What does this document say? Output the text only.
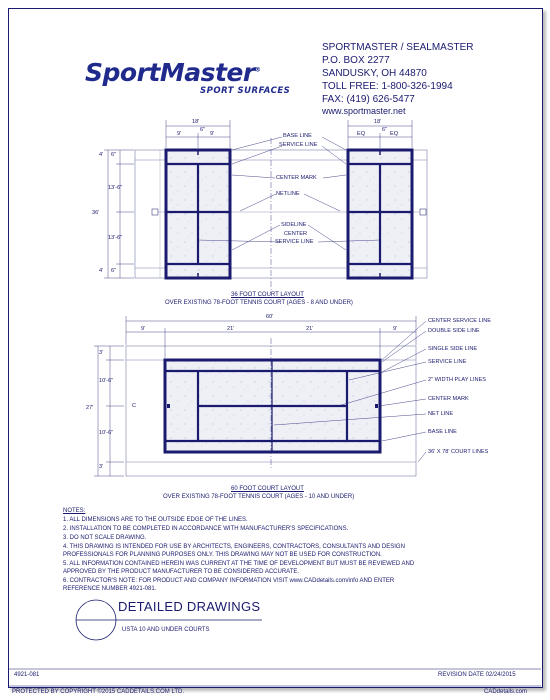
SportMaster®
SPORT SURFACES
SPORTMASTER / SEALMASTER
P.O. BOX 2277
SANDUSKY, OH 44870
TOLL FREE: 1-800-326-1994
FAX: (419) 626-5477
www.sportmaster.net
18'
9'	9'
6"
18'
EQ	EQ
6"
4' 6"
13'-6"
36'
13'-6"
4' 6"
BASE LINE
SERVICE LINE
CENTER MARK
NETLINE
SIDELINE
CENTER
SERVICE LINE
36 FOOT COURT LAYOUT
OVER EXISTING 78-FOOT TENNIS COURT (AGES - 8 AND UNDER)
60'
9'	21'	21'	9'
3'
27'
10'-6"
10'-6"
3'
C
CENTER SERVICE LINE
DOUBLE SIDE LINE
SINGLE SIDE LINE
SERVICE LINE
2" WIDTH PLAY LINES
CENTER MARK
NET LINE
BASE LINE
36' X 78' COURT LINES
60 FOOT COURT LAYOUT
OVER EXISTING 78-FOOT TENNIS COURT (AGES - 10 AND UNDER)
NOTES:
1. ALL DIMENSIONS ARE TO THE OUTSIDE EDGE OF THE LINES.
2. INSTALLATION TO BE COMPLETED IN ACCORDANCE WITH MANUFACTURER'S SPECIFICATIONS.
3. DO NOT SCALE DRAWING.
4. THIS DRAWING IS INTENDED FOR USE BY ARCHITECTS, ENGINEERS, CONTRACTORS, CONSULTANTS AND DESIGN
PROFESSIONALS FOR PLANNING PURPOSES ONLY. THIS DRAWING MAY NOT BE USED FOR CONSTRUCTION.
5. ALL INFORMATION CONTAINED HEREIN WAS CURRENT AT THE TIME OF DEVELOPMENT BUT MUST BE REVIEWED AND
APPROVED BY THE PRODUCT MANUFACTURER TO BE CONSIDERED ACCURATE.
6. CONTRACTOR'S NOTE: FOR PRODUCT AND COMPANY INFORMATION VISIT www.CADdetails.com/info AND ENTER
REFERENCE NUMBER 4921-081.
DETAILED DRAWINGS
USTA 10 AND UNDER COURTS
4921-081	REVISION DATE 02/24/2015
PROTECTED BY COPYRIGHT ©2015 CADDETAILS.COM LTD.	CADdetails.com
